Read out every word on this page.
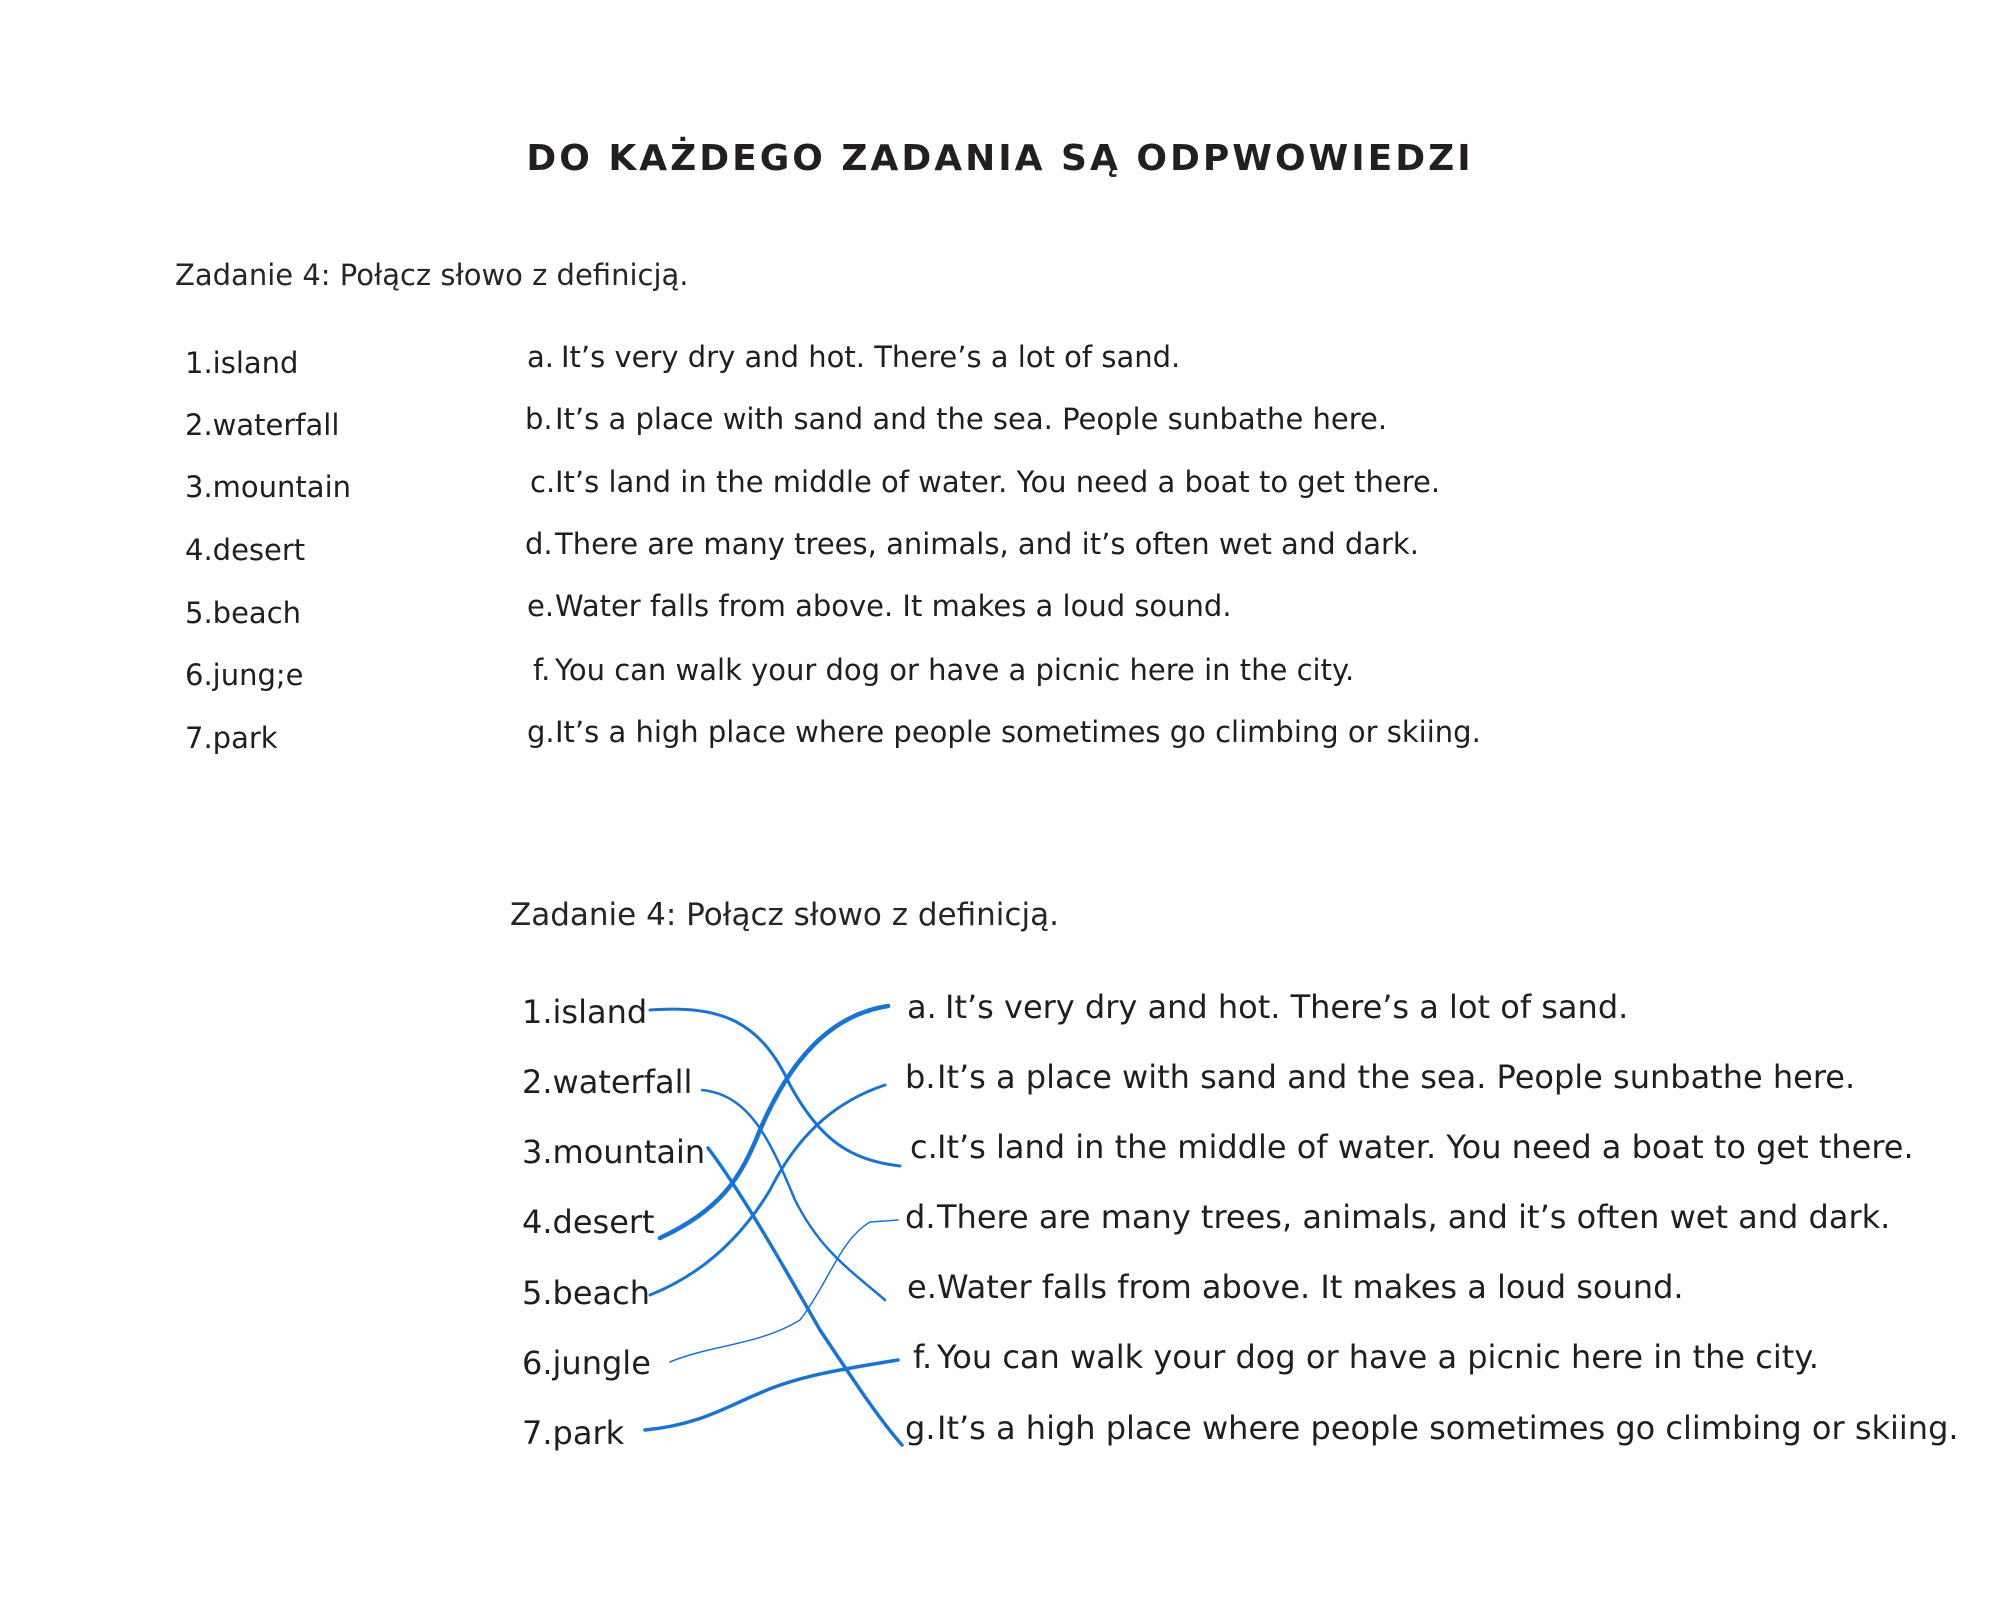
DO KAŻDEGO ZADANIA SĄ ODPWOWIEDZI
Zadanie 4: Połącz słowo z definicją.
1.island
2.waterfall
3.mountain
4.desert
5.beach
6.jung;e
7.park
a. It’s very dry and hot. There’s a lot of sand.
b.It’s a place with sand and the sea. People sunbathe here.
c.It’s land in the middle of water. You need a boat to get there.
d.There are many trees, animals, and it’s often wet and dark.
e.Water falls from above. It makes a loud sound.
f. You can walk your dog or have a picnic here in the city.
g.It’s a high place where people sometimes go climbing or skiing.
Zadanie 4: Połącz słowo z definicją.
1.island
2.waterfall
3.mountain
4.desert
5.beach
6.jungle
7.park
a. It’s very dry and hot. There’s a lot of sand.
b.It’s a place with sand and the sea. People sunbathe here.
c.It’s land in the middle of water. You need a boat to get there.
d.There are many trees, animals, and it’s often wet and dark.
e.Water falls from above. It makes a loud sound.
f. You can walk your dog or have a picnic here in the city.
g.It’s a high place where people sometimes go climbing or skiing.
